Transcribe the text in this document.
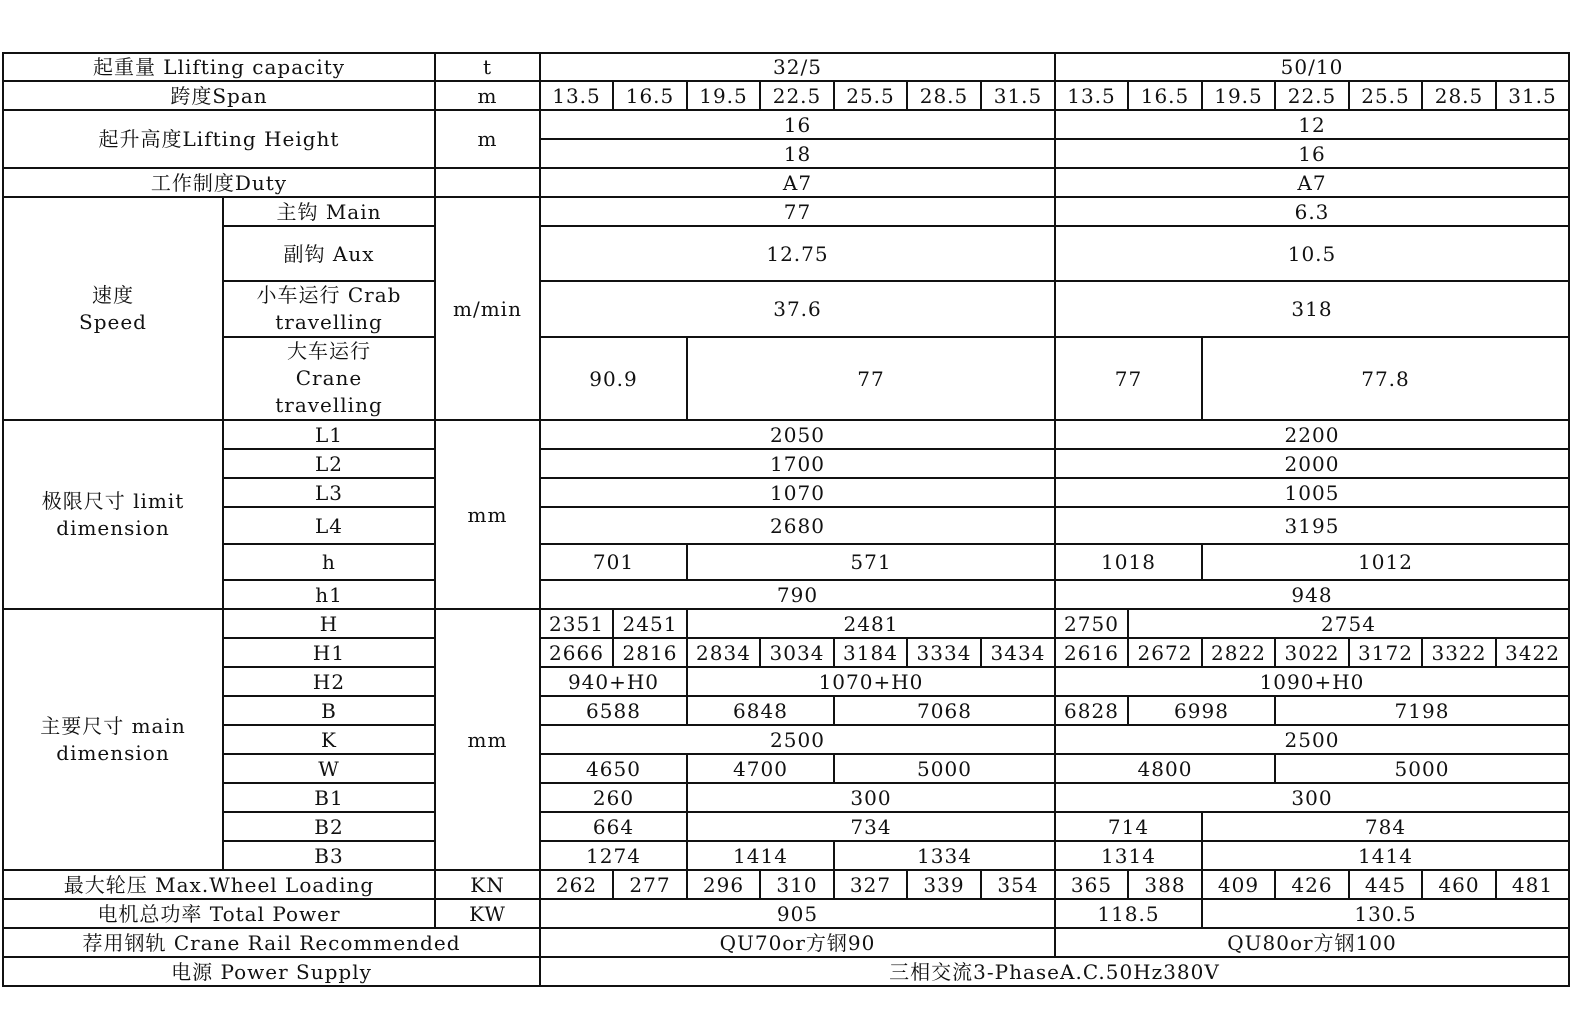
起重量 Llifting capacity		t	32/5							50/10						
跨度Span		m	13.5	16.5	19.5	22.5	25.5	28.5	31.5	13.5	16.5	19.5	22.5	25.5	28.5	31.5
起升高度Lifting Height		m	16							12						
			18							16						
工作制度Duty			A7							A7						
速度 Speed	主钩 Main	m/min	77							6.3						
	副钩 Aux		12.75							10.5						
	小车运行 Crab travelling		37.6							318						
	大车运行 Crane travelling		90.9		77					77		77.8				
极限尺寸 limit dimension	L1	mm	2050							2200						
	L2		1700							2000						
	L3		1070							1005						
	L4		2680							3195						
	h		701		571					1018		1012				
	h1		790							948						
主要尺寸 main dimension	H	mm	2351	2451	2481					2750	2754					
	H1		2666	2816	2834	3034	3184	3334	3434	2616	2672	2822	3022	3172	3322	3422
	H2		940+H0		1070+H0					1090+H0						
	B		6588		6848		7068			6828	6998		7198			
	K		2500							2500						
	W		4650		4700		5000			4800			5000			
	B1		260		300					300						
	B2		664		734					714		784				
	B3		1274		1414		1334			1314		1414				
最大轮压 Max.Wheel Loading		KN	262	277	296	310	327	339	354	365	388	409	426	445	460	481
电机总功率 Total Power		KW	905							118.5		130.5				
荐用钢轨 Crane Rail Recommended			QU70or方钢90							QU80or方钢100						
电源 Power Supply			三相交流3-PhaseA.C.50Hz380V													
